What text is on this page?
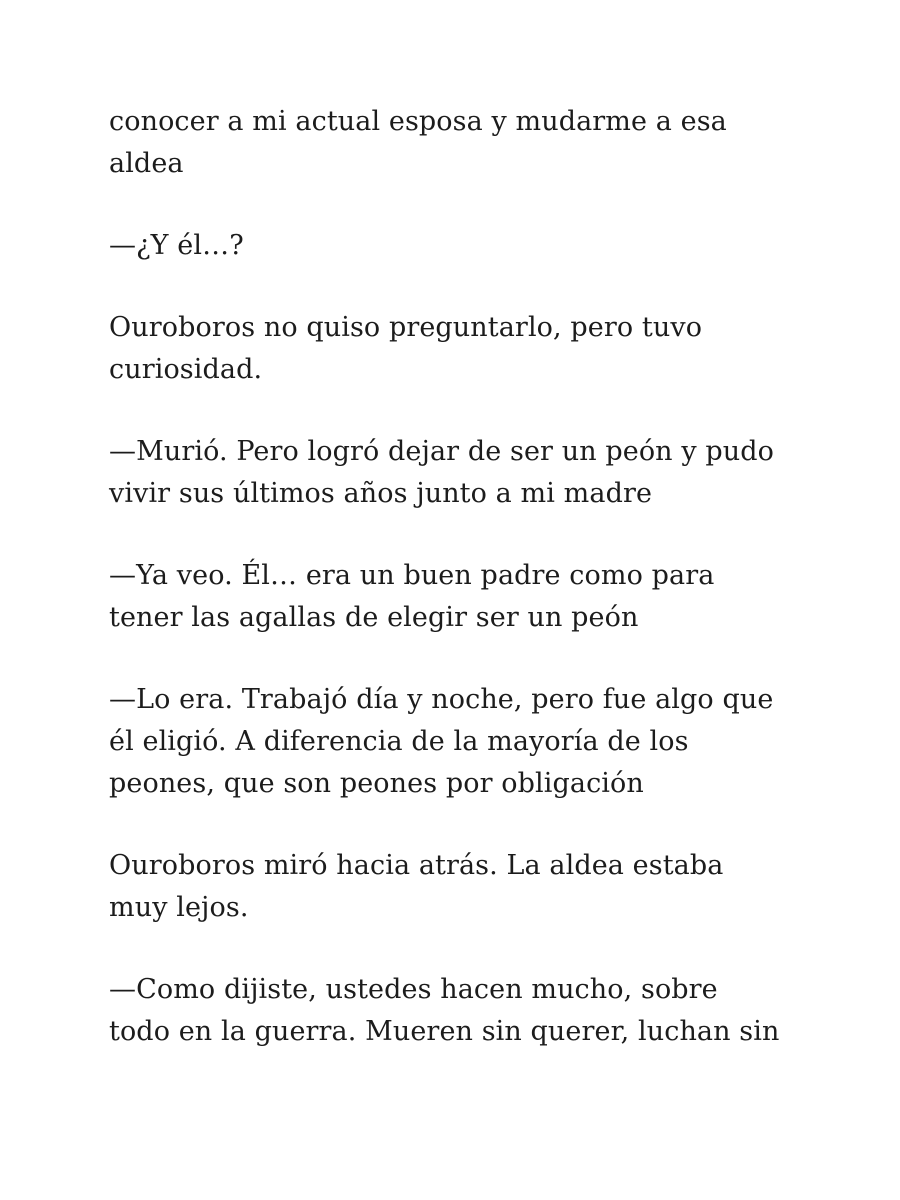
conocer a mi actual esposa y mudarme a esa
aldea

—¿Y él…?

Ouroboros no quiso preguntarlo, pero tuvo
curiosidad.

—Murió. Pero logró dejar de ser un peón y pudo
vivir sus últimos años junto a mi madre

—Ya veo. Él… era un buen padre como para
tener las agallas de elegir ser un peón

—Lo era. Trabajó día y noche, pero fue algo que
él eligió. A diferencia de la mayoría de los
peones, que son peones por obligación

Ouroboros miró hacia atrás. La aldea estaba
muy lejos.

—Como dijiste, ustedes hacen mucho, sobre
todo en la guerra. Mueren sin querer, luchan sin
